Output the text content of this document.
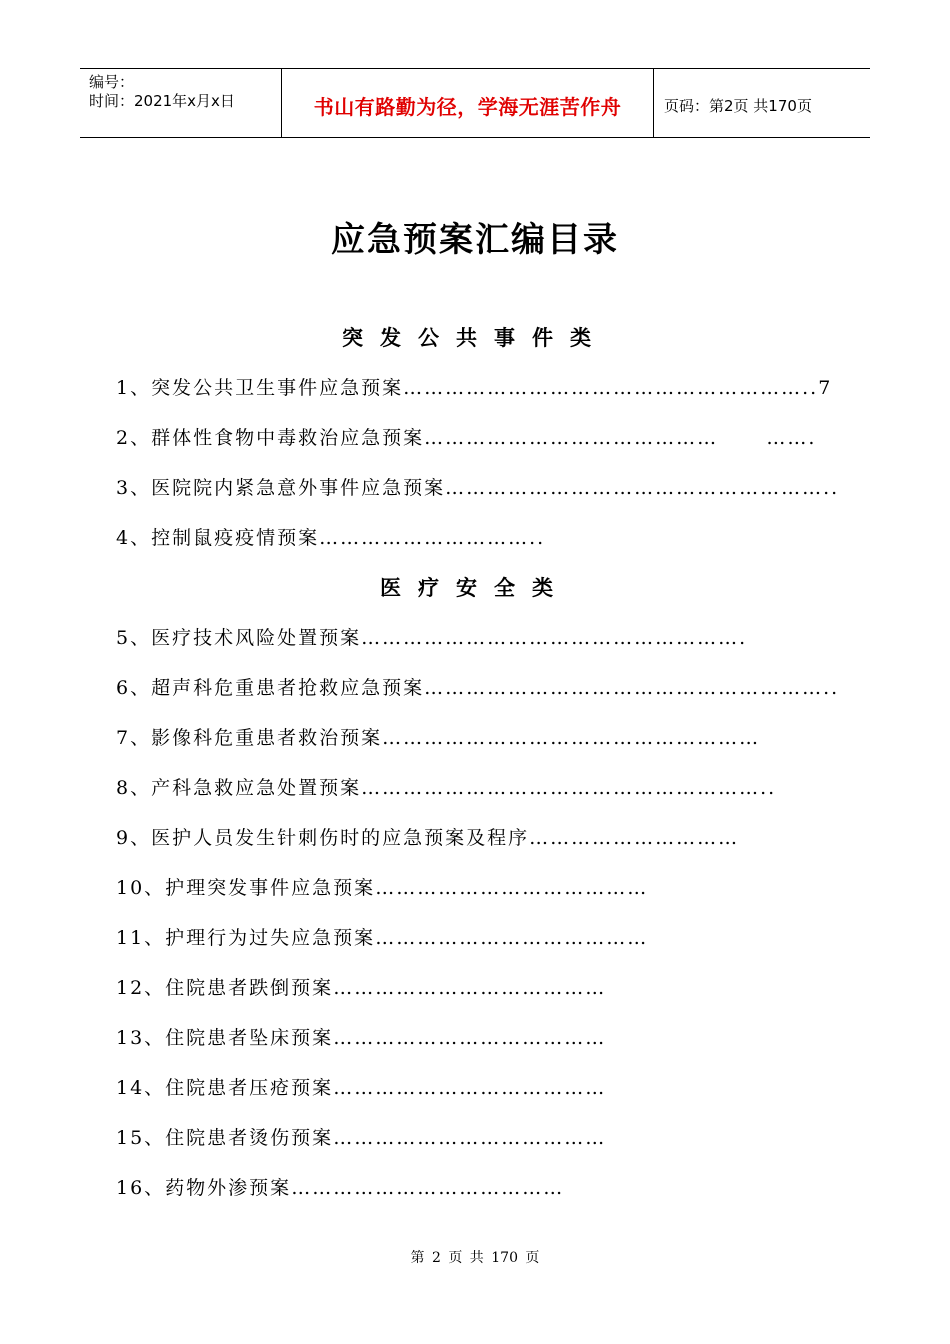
编号：
时间：2021年x月x日	书山有路勤为径，学海无涯苦作舟	页码：第2页 共170页
应急预案汇编目录
突发公共事件类
医疗安全类
1、突发公共卫生事件应急预案…………………………………………………..7
2、群体性食物中毒救治应急预案……………………………………      …….
3、医院院内紧急意外事件应急预案………………………………………………..
4、控制鼠疫疫情预案…………………………..
5、医疗技术风险处置预案……………………………………………….
6、超声科危重患者抢救应急预案…………………………………………………..
7、影像科危重患者救治预案………………………………………………
8、产科急救应急处置预案…………………………………………………..
9、医护人员发生针刺伤时的应急预案及程序…………………………
10、护理突发事件应急预案…………………………………
11、护理行为过失应急预案…………………………………
12、住院患者跌倒预案…………………………………
13、住院患者坠床预案…………………………………
14、住院患者压疮预案…………………………………
15、住院患者烫伤预案…………………………………
16、药物外渗预案…………………………………
第 2 页 共 170 页
